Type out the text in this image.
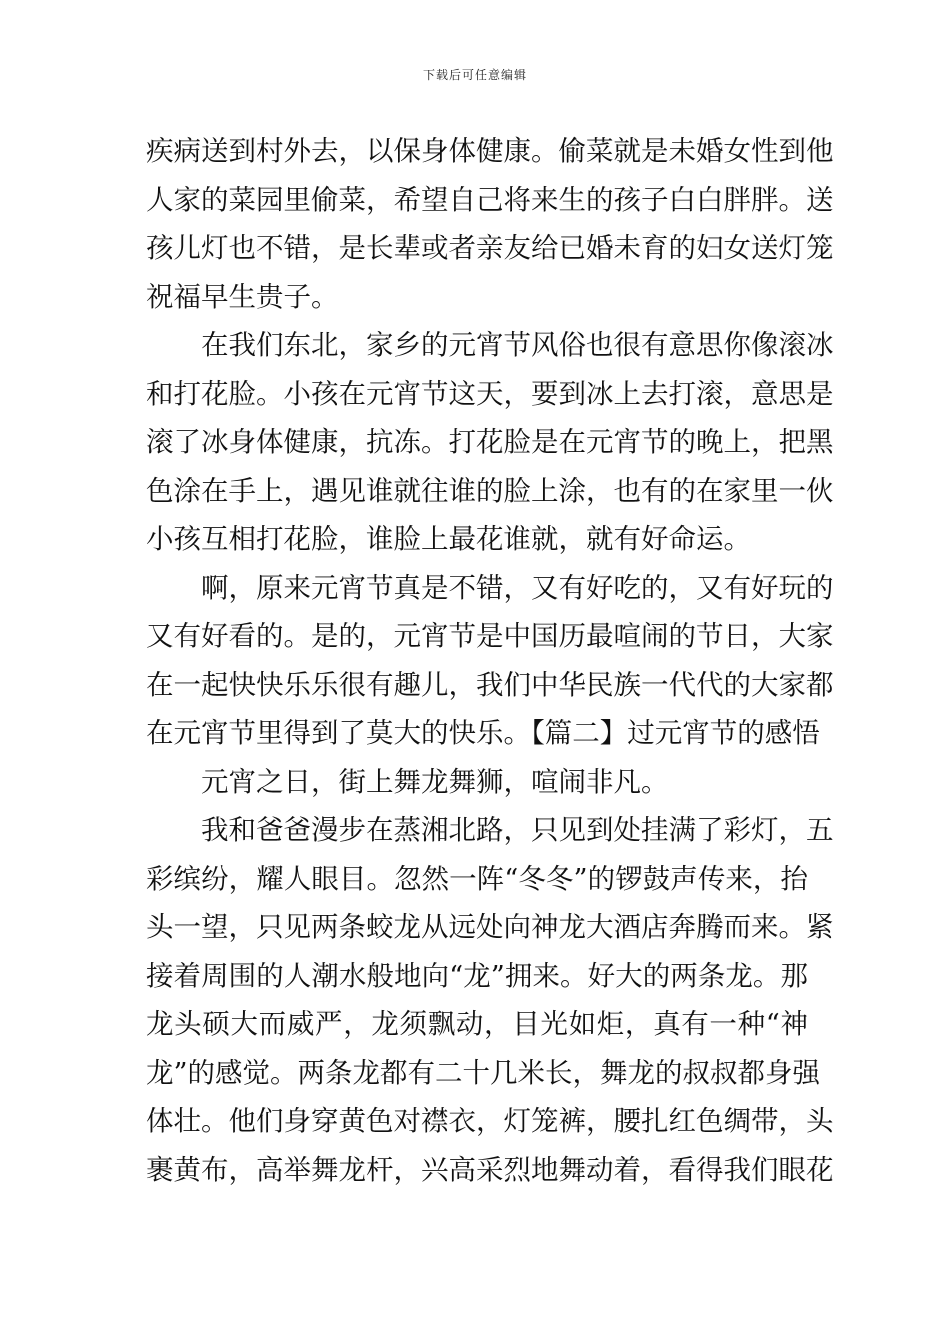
下载后可任意编辑
疾病送到村外去，以保身体健康。偷菜就是未婚女性到他
人家的菜园里偷菜，希望自己将来生的孩子白白胖胖。送
孩儿灯也不错，是长辈或者亲友给已婚未育的妇女送灯笼
祝福早生贵子。
在我们东北，家乡的元宵节风俗也很有意思你像滚冰
和打花脸。小孩在元宵节这天，要到冰上去打滚，意思是
滚了冰身体健康，抗冻。打花脸是在元宵节的晚上，把黑
色涂在手上，遇见谁就往谁的脸上涂，也有的在家里一伙
小孩互相打花脸，谁脸上最花谁就，就有好命运。
啊，原来元宵节真是不错，又有好吃的，又有好玩的
又有好看的。是的，元宵节是中国历最喧闹的节日，大家
在一起快快乐乐很有趣儿，我们中华民族一代代的大家都
在元宵节里得到了莫大的快乐。【篇二】过元宵节的感悟
元宵之日，街上舞龙舞狮，喧闹非凡。
我和爸爸漫步在蒸湘北路，只见到处挂满了彩灯，五
彩缤纷，耀人眼目。忽然一阵“冬冬”的锣鼓声传来，抬
头一望，只见两条蛟龙从远处向神龙大酒店奔腾而来。紧
接着周围的人潮水般地向“龙”拥来。好大的两条龙。那
龙头硕大而威严，龙须飘动，目光如炬，真有一种“神
龙”的感觉。两条龙都有二十几米长，舞龙的叔叔都身强
体壮。他们身穿黄色对襟衣，灯笼裤，腰扎红色绸带，头
裹黄布，高举舞龙杆，兴高采烈地舞动着，看得我们眼花
